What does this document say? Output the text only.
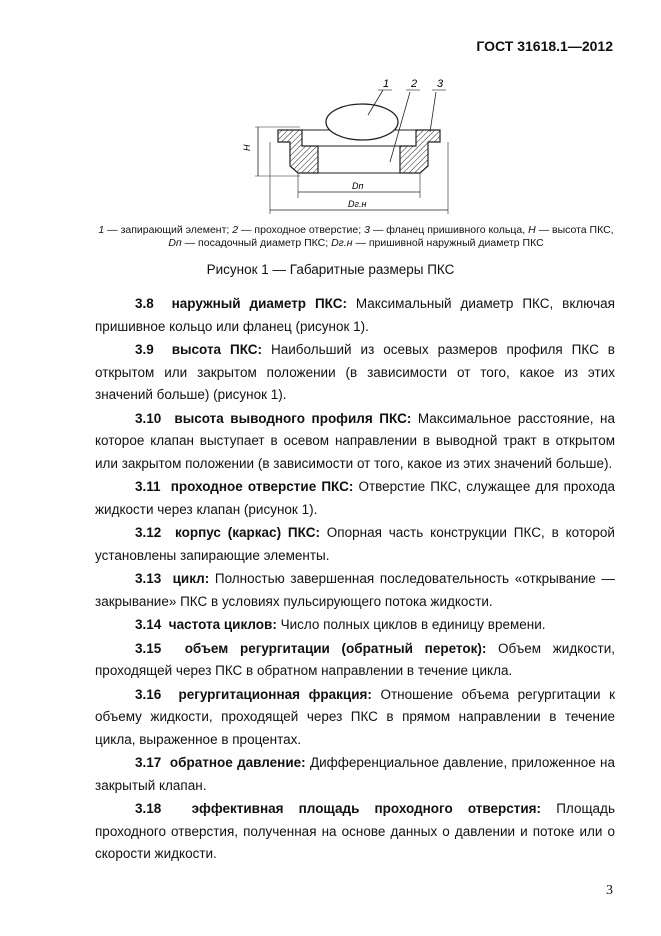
ГОСТ 31618.1—2012
H
1 2 3
Dп
Dг.н
1 — запирающий элемент; 2 — проходное отверстие; 3 — фланец пришивного кольца, H — высота ПКС, Dп — посадочный диаметр ПКС; Dг.н — пришивной наружный диаметр ПКС
Рисунок 1 — Габаритные размеры ПКС

3.8 наружный диаметр ПКС: Максимальный диаметр ПКС, включая пришивное кольцо или фланец (рисунок 1).

3.9 высота ПКС: Наибольший из осевых размеров профиля ПКС в открытом или закрытом положении (в зависимости от того, какое из этих значений больше) (рисунок 1).

3.10 высота выводного профиля ПКС: Максимальное расстояние, на которое клапан выступает в осевом направлении в выводной тракт в открытом или закрытом положении (в зависимости от того, какое из этих значений больше).

3.11 проходное отверстие ПКС: Отверстие ПКС, служащее для прохода жидкости через клапан (рисунок 1).

3.12 корпус (каркас) ПКС: Опорная часть конструкции ПКС, в которой установлены запирающие элементы.

3.13 цикл: Полностью завершенная последовательность «открывание — закрывание» ПКС в условиях пульсирующего потока жидкости.

3.14 частота циклов: Число полных циклов в единицу времени.

3.15 объем регургитации (обратный переток): Объем жидкости, проходящей через ПКС в обратном направлении в течение цикла.

3.16 регургитационная фракция: Отношение объема регургитации к объему жидкости, проходящей через ПКС в прямом направлении в течение цикла, выраженное в процентах.

3.17 обратное давление: Дифференциальное давление, приложенное на закрытый клапан.

3.18 эффективная площадь проходного отверстия: Площадь проходного отверстия, полученная на основе данных о давлении и потоке или о скорости жидкости.

3
